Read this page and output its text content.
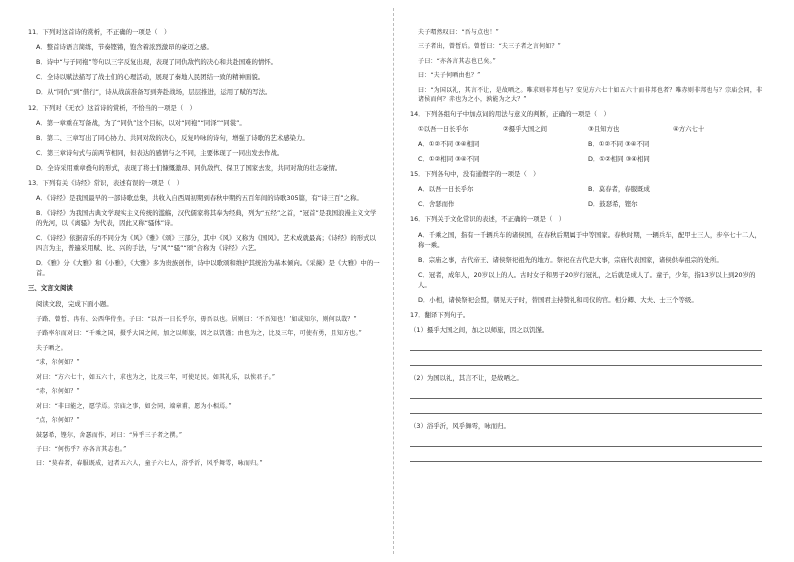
11．下列对这首诗的赏析，不正确的一项是（　）
A．整首诗语言简练，节奏铿锵，饱含着浓烈激昂的豪迈之感。
B．诗中“与子同袍”等句以三字反复出现，表现了同仇敌忾的决心和共赴国难的情怀。
C．全诗以赋法描写了战士们的心理活动，展现了秦地人民团结一致的精神面貌。
D．从“同仇”到“偕行”，诗从战前准备写到奔赴战场，层层推进，运用了赋的写法。
12．下列对《无衣》这首诗的赏析，不恰当的一项是（　）
A．第一章重在写备战，为了“同仇”这个目标，以对“同袍”“同泽”“同裳”。
B．第二、三章写出了同心协力、共同对敌的决心，反复吟咏的诗句，增强了诗歌的艺术感染力。
C．第三章诗句式与前两节相同，但表达的感情与之不同，主要体现了一同出发去作战。
D．全诗采用重章叠句的形式，表现了将士们慷慨激昂、同仇敌忾、保卫了国家去发，共同对敌的壮志豪情。
13．下列有关《诗经》常识，表述有误的一项是（　）
A．《诗经》是我国最早的一部诗歌总集，共收入自西周初期到春秋中期约五百年间的诗歌305篇，有“诗三百”之称。
B．《诗经》为我国古典文学现实主义传统的滥觞，汉代儒家将其奉为经典，列为“五经”之首，“冠首”是我国浪漫主义文学的先河，以《离骚》为代表，因此又称“骚体”诗。
C．《诗经》依据音乐的不同分为《风》《雅》《颂》三部分，其中《风》又称为《国风》。艺术成就最高；《诗经》的形式以四言为主，普遍采用赋、比、兴的手法，与“风”“骚”“颂”合称为《诗经》六艺。
D．《雅》分《大雅》和《小雅》，《大雅》多为贵族创作，诗中以歌颂和维护其统治为基本倾向。《采薇》是《大雅》中的一首。
三、文言文阅读
阅读文段，完成下面小题。
子路、曾皙、冉有、公西华侍坐。子曰：“以吾一日长乎尔，毋吾以也。居则曰：‘不吾知也！’如或知尔，则何以哉？”
子路率尔而对曰：“千乘之国，摄乎大国之间，加之以师旅，因之以饥馑；由也为之，比及三年，可使有勇，且知方也。”
夫子哂之。
“求，尔何如？”
对曰：“方六七十，如五六十，求也为之，比及三年，可使足民。如其礼乐，以俟君子。”
“赤，尔何如？”
对曰：“非曰能之，愿学焉。宗庙之事，如会同，端章甫，愿为小相焉。”
“点，尔何如？”
鼓瑟希，铿尔，舍瑟而作，对曰：“异乎三子者之撰。”
子曰：“何伤乎？亦各言其志也。”
曰：“莫春者，春服既成，冠者五六人，童子六七人，浴乎沂，风乎舞雩，咏而归。”
夫子喟然叹曰：“吾与点也！”
三子者出，曾皙后。曾皙曰：“夫三子者之言何如？”
子曰：“亦各言其志也已矣。”
曰：“夫子何哂由也？”
曰：“为国以礼，其言不让，是故哂之。唯求则非邦也与？安见方六七十如五六十而非邦也者？唯赤则非邦也与？宗庙会同，非诸侯而何？赤也为之小，孰能为之大？”
14．下列各组句子中加点词的用法与意义的判断，正确的一项是（　）
①以吾一日长乎尔	②摄乎大国之间	③且知方也	④方六七十
A．①②不同 ③④相同	B．①②不同 ③④不同
C．①②相同 ③④不同	D．①②相同 ③④相同
15．下列各句中，没有通假字的一项是（　）
A．以吾一日长乎尔	B．莫春者，春服既成
C．舍瑟而作	D．鼓瑟希，铿尔
16．下列关于文化常识的表述，不正确的一项是（　）
A．千乘之国，指有一千辆兵车的诸侯国，在春秋后期属于中等国家。春秋时期，一辆兵车，配甲士三人，步卒七十二人，称一乘。
B．宗庙之事，古代帝王、诸侯祭祀祖先的地方。祭祀在古代是大事，宗庙代表国家，诸侯供奉祖宗的处所。
C．冠者，成年人，20岁以上的人。古时女子和男子20岁行冠礼，之后就是成人了。童子，少年，指13岁以上到20岁的人。
D．小相，诸侯祭祀会盟，朝见天子时，替国君主持赞礼和司仪的官。相分卿、大夫、士三个等级。
17．翻译下列句子。
（1）摄乎大国之间，加之以师旅，因之以饥馑。
（2）为国以礼，其言不让，是故哂之。
（3）浴乎沂，风乎舞雩，咏而归。
